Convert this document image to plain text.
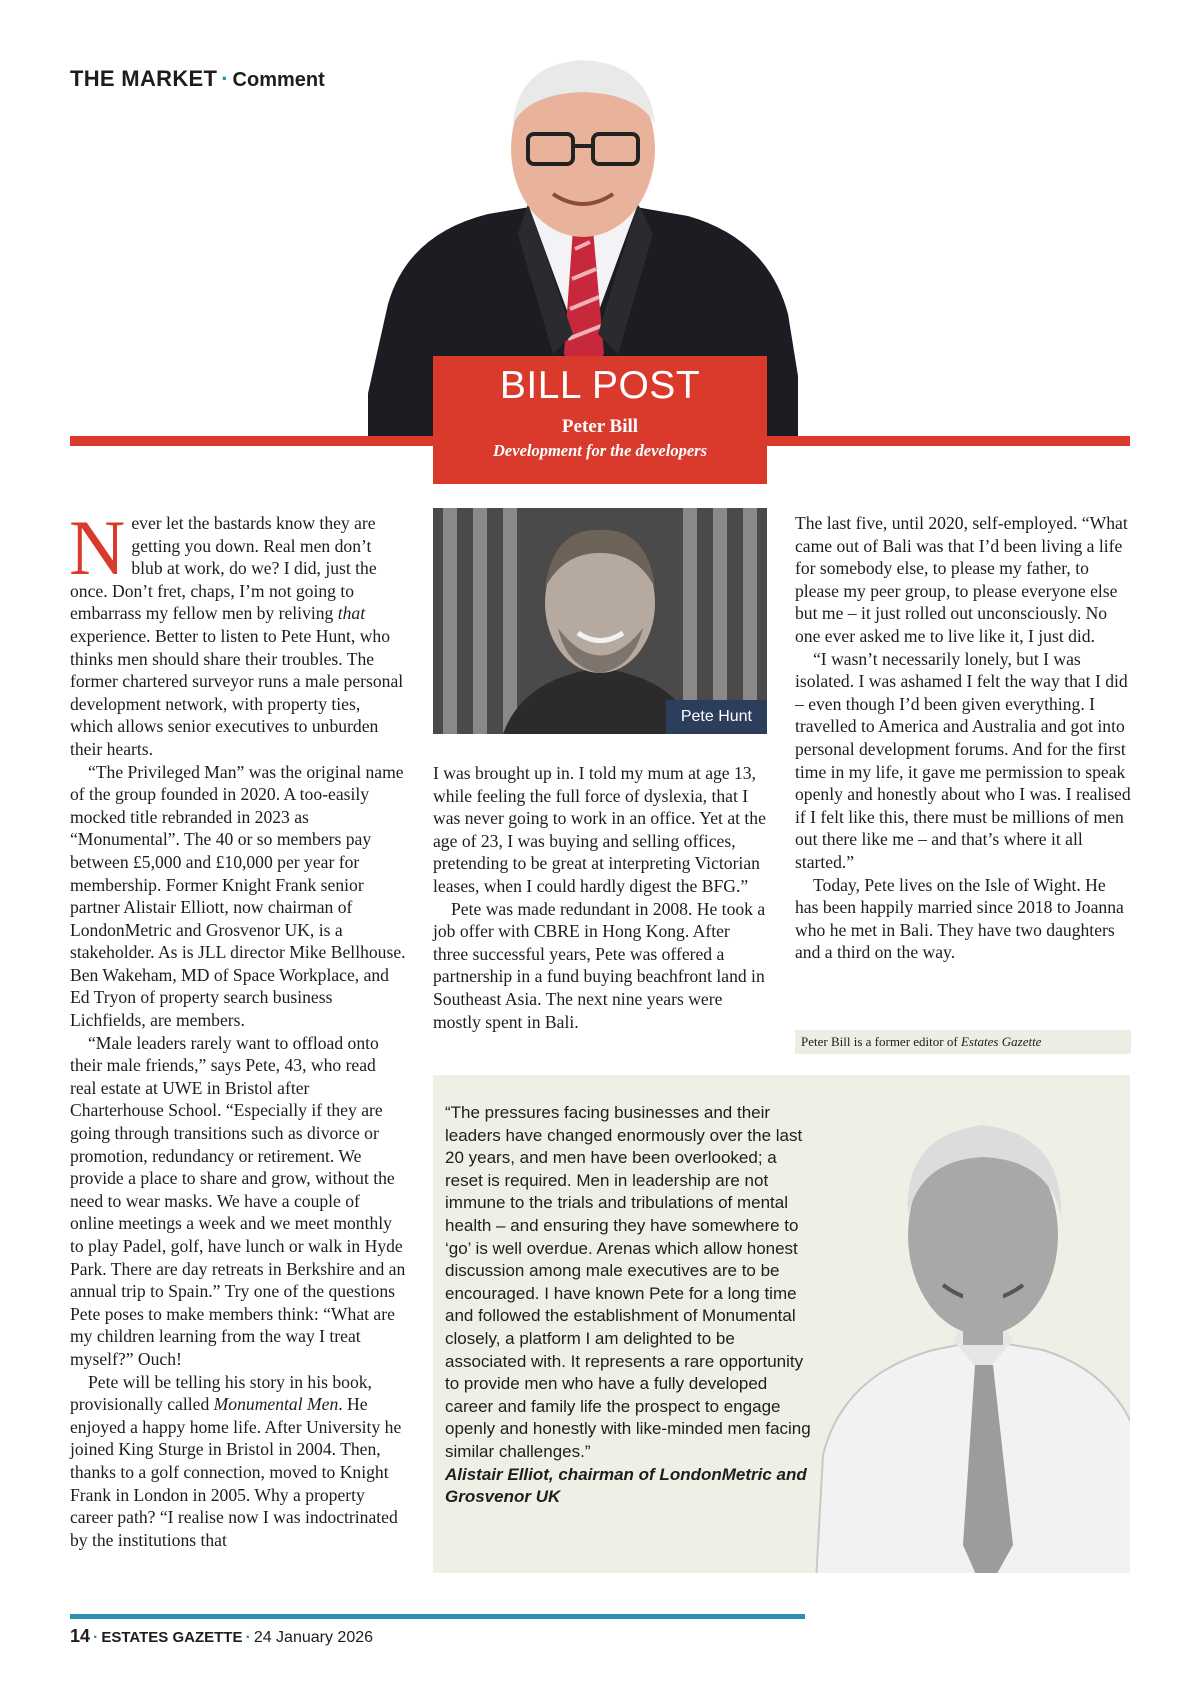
THE MARKET · Comment
BILL POST
Peter Bill
Development for the developers

Never let the bastards know they are getting you down. Real men don’t blub at work, do we? I did, just the once. Don’t fret, chaps, I’m not going to embarrass my fellow men by reliving that experience. Better to listen to Pete Hunt, who thinks men should share their troubles. The former chartered surveyor runs a male personal development network, with property ties, which allows senior executives to unburden their hearts.

“The Privileged Man” was the original name of the group founded in 2020. A too-easily mocked title rebranded in 2023 as “Monumental”. The 40 or so members pay between £5,000 and £10,000 per year for membership. Former Knight Frank senior partner Alistair Elliott, now chairman of LondonMetric and Grosvenor UK, is a stakeholder. As is JLL director Mike Bellhouse. Ben Wakeham, MD of Space Workplace, and Ed Tryon of property search business Lichfields, are members.

“Male leaders rarely want to offload onto their male friends,” says Pete, 43, who read real estate at UWE in Bristol after Charterhouse School. “Especially if they are going through transitions such as divorce or promotion, redundancy or retirement. We provide a place to share and grow, without the need to wear masks. We have a couple of online meetings a week and we meet monthly to play Padel, golf, have lunch or walk in Hyde Park. There are day retreats in Berkshire and an annual trip to Spain.” Try one of the questions Pete poses to make members think: “What are my children learning from the way I treat myself?” Ouch!

Pete will be telling his story in his book, provisionally called Monumental Men. He enjoyed a happy home life. After University he joined King Sturge in Bristol in 2004. Then, thanks to a golf connection, moved to Knight Frank in London in 2005. Why a property career path? “I realise now I was indoctrinated by the institutions that

Pete Hunt

I was brought up in. I told my mum at age 13, while feeling the full force of dyslexia, that I was never going to work in an office. Yet at the age of 23, I was buying and selling offices, pretending to be great at interpreting Victorian leases, when I could hardly digest the BFG.”

Pete was made redundant in 2008. He took a job offer with CBRE in Hong Kong. After three successful years, Pete was offered a partnership in a fund buying beachfront land in Southeast Asia. The next nine years were mostly spent in Bali.

The last five, until 2020, self-employed. “What came out of Bali was that I’d been living a life for somebody else, to please my father, to please my peer group, to please everyone else but me – it just rolled out unconsciously. No one ever asked me to live like it, I just did.

“I wasn’t necessarily lonely, but I was isolated. I was ashamed I felt the way that I did – even though I’d been given everything. I travelled to America and Australia and got into personal development forums. And for the first time in my life, it gave me permission to speak openly and honestly about who I was. I realised if I felt like this, there must be millions of men out there like me – and that’s where it all started.”

Today, Pete lives on the Isle of Wight. He has been happily married since 2018 to Joanna who he met in Bali. They have two daughters and a third on the way.

Peter Bill is a former editor of Estates Gazette
“The pressures facing businesses and their leaders have changed enormously over the last 20 years, and men have been overlooked; a reset is required. Men in leadership are not immune to the trials and tribulations of mental health – and ensuring they have somewhere to ‘go’ is well overdue. Arenas which allow honest discussion among male executives are to be encouraged. I have known Pete for a long time and followed the establishment of Monumental closely, a platform I am delighted to be associated with. It represents a rare opportunity to provide men who have a fully developed career and family life the prospect to engage openly and honestly with like-minded men facing similar challenges.”
Alistair Elliot, chairman of LondonMetric and Grosvenor UK
14 · ESTATES GAZETTE · 24 January 2026
